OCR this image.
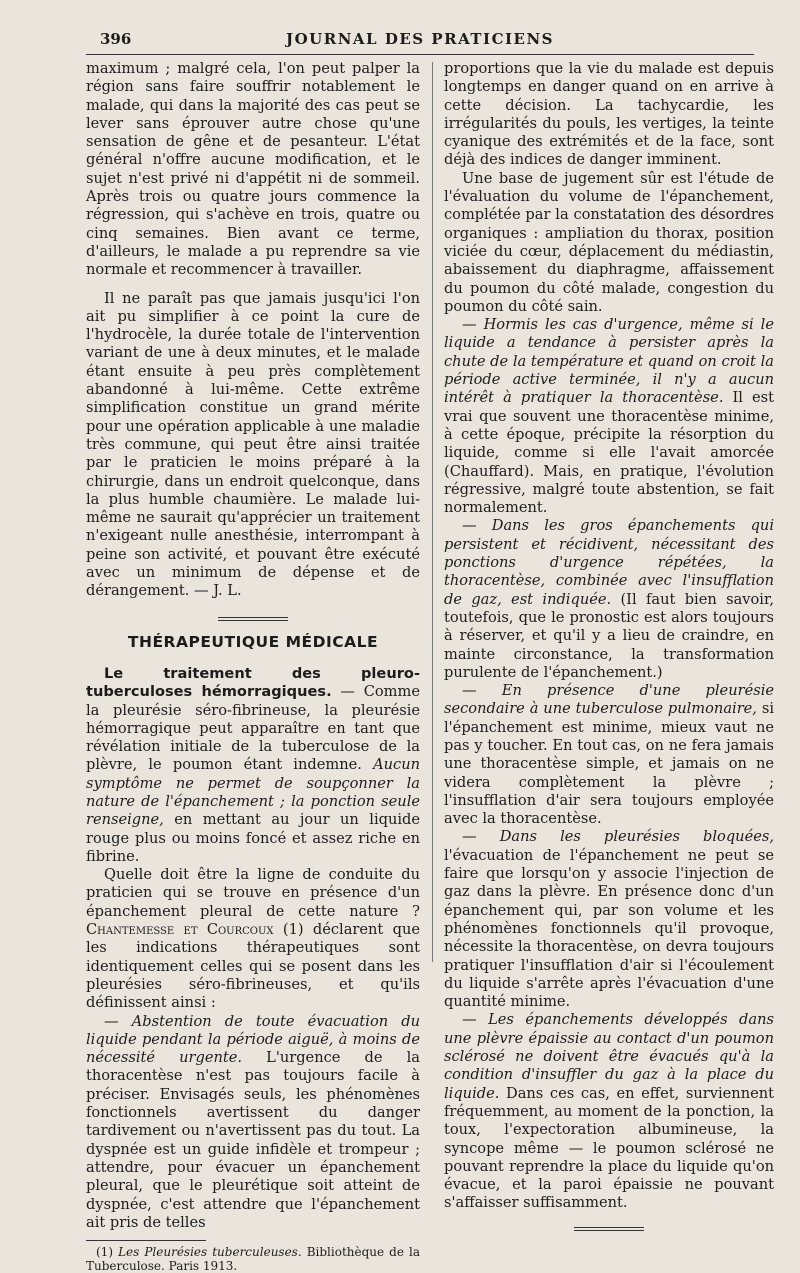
396	JOURNAL DES PRATICIENS

maximum ; malgré cela, l'on peut palper la région sans faire souffrir notablement le malade, qui dans la majorité des cas peut se lever sans éprouver autre chose qu'une sensation de gêne et de pesanteur. L'état général n'offre aucune modification, et le sujet n'est privé ni d'appétit ni de sommeil. Après trois ou quatre jours commence la régression, qui s'achève en trois, quatre ou cinq semaines. Bien avant ce terme, d'ailleurs, le malade a pu reprendre sa vie normale et recommencer à travailler.

Il ne paraît pas que jamais jusqu'ici l'on ait pu simplifier à ce point la cure de l'hydrocèle, la durée totale de l'intervention variant de une à deux minutes, et le malade étant ensuite à peu près complètement abandonné à lui-même. Cette extrême simplification constitue un grand mérite pour une opération applicable à une maladie très commune, qui peut être ainsi traitée par le praticien le moins préparé à la chirurgie, dans un endroit quelconque, dans la plus humble chaumière. Le malade lui-même ne saurait qu'apprécier un traitement n'exigeant nulle anesthésie, interrompant à peine son activité, et pouvant être exécuté avec un minimum de dépense et de dérangement. — J. L.

THÉRAPEUTIQUE MÉDICALE

Le traitement des pleuro-tuberculoses hémorragiques. — Comme la pleurésie séro-fibrineuse, la pleurésie hémorragique peut apparaître en tant que révélation initiale de la tuberculose de la plèvre, le poumon étant indemne. Aucun symptôme ne permet de soupçonner la nature de l'épanchement ; la ponction seule renseigne, en mettant au jour un liquide rouge plus ou moins foncé et assez riche en fibrine.

Quelle doit être la ligne de conduite du praticien qui se trouve en présence d'un épanchement pleural de cette nature ? Chantemesse et Courcoux (1) déclarent que les indications thérapeutiques sont identiquement celles qui se posent dans les pleurésies séro-fibrineuses, et qu'ils définissent ainsi :

— Abstention de toute évacuation du liquide pendant la période aiguë, à moins de nécessité urgente. L'urgence de la thoracentèse n'est pas toujours facile à préciser. Envisagés seuls, les phénomènes fonctionnels avertissent du danger tardivement ou n'avertissent pas du tout. La dyspnée est un guide infidèle et trompeur ; attendre, pour évacuer un épanchement pleural, que le pleurétique soit atteint de dyspnée, c'est attendre que l'épanchement ait pris de telles

(1) Les Pleurésies tuberculeuses. Bibliothèque de la Tuberculose. Paris 1913.

proportions que la vie du malade est depuis longtemps en danger quand on en arrive à cette décision. La tachycardie, les irrégularités du pouls, les vertiges, la teinte cyanique des extrémités et de la face, sont déjà des indices de danger imminent.

Une base de jugement sûr est l'étude de l'évaluation du volume de l'épanchement, complétée par la constatation des désordres organiques : ampliation du thorax, position viciée du cœur, déplacement du médiastin, abaissement du diaphragme, affaissement du poumon du côté malade, congestion du poumon du côté sain.

— Hormis les cas d'urgence, même si le liquide a tendance à persister après la chute de la température et quand on croit la période active terminée, il n'y a aucun intérêt à pratiquer la thoracentèse. Il est vrai que souvent une thoracentèse minime, à cette époque, précipite la résorption du liquide, comme si elle l'avait amorcée (Chauffard). Mais, en pratique, l'évolution régressive, malgré toute abstention, se fait normalement.

— Dans les gros épanchements qui persistent et récidivent, nécessitant des ponctions d'urgence répétées, la thoracentèse, combinée avec l'insufflation de gaz, est indiquée. (Il faut bien savoir, toutefois, que le pronostic est alors toujours à réserver, et qu'il y a lieu de craindre, en mainte circonstance, la transformation purulente de l'épanchement.)

— En présence d'une pleurésie secondaire à une tuberculose pulmonaire, si l'épanchement est minime, mieux vaut ne pas y toucher. En tout cas, on ne fera jamais une thoracentèse simple, et jamais on ne videra complètement la plèvre ; l'insufflation d'air sera toujours employée avec la thoracentèse.

— Dans les pleurésies bloquées, l'évacuation de l'épanchement ne peut se faire que lorsqu'on y associe l'injection de gaz dans la plèvre. En présence donc d'un épanchement qui, par son volume et les phénomènes fonctionnels qu'il provoque, nécessite la thoracentèse, on devra toujours pratiquer l'insufflation d'air si l'écoulement du liquide s'arrête après l'évacuation d'une quantité minime.

— Les épanchements développés dans une plèvre épaissie au contact d'un poumon sclérosé ne doivent être évacués qu'à la condition d'insuffler du gaz à la place du liquide. Dans ces cas, en effet, surviennent fréquemment, au moment de la ponction, la toux, l'expectoration albumineuse, la syncope même — le poumon sclérosé ne pouvant reprendre la place du liquide qu'on évacue, et la paroi épaissie ne pouvant s'affaisser suffisamment.
